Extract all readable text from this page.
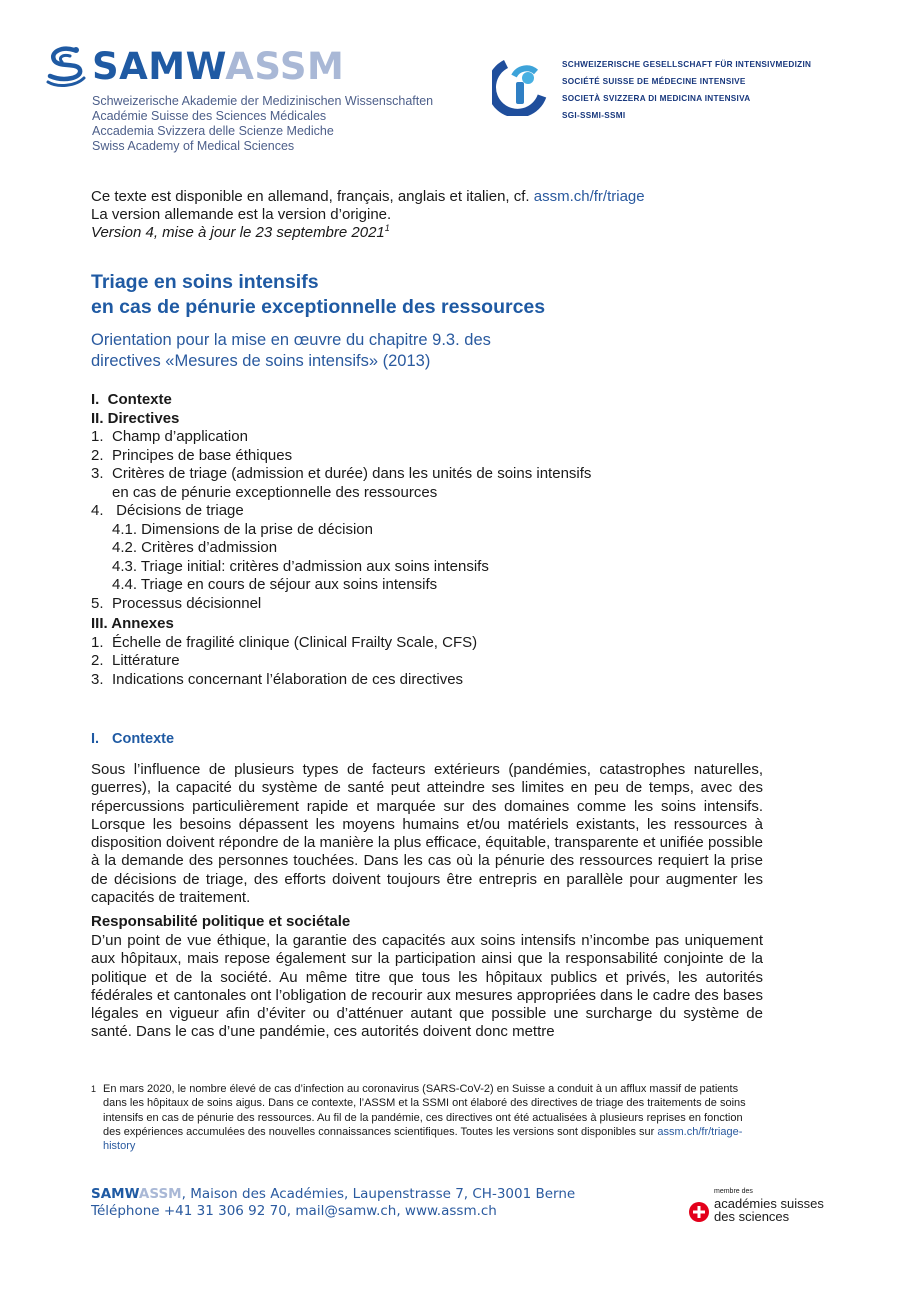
SAMWASSM
Schweizerische Akademie der Medizinischen Wissenschaften
Académie Suisse des Sciences Médicales
Accademia Svizzera delle Scienze Mediche
Swiss Academy of Medical Sciences
SCHWEIZERISCHE GESELLSCHAFT FÜR INTENSIVMEDIZIN
SOCIÉTÉ SUISSE DE MÉDECINE INTENSIVE
SOCIETÀ SVIZZERA DI MEDICINA INTENSIVA
SGI-SSMI-SSMI
Ce texte est disponible en allemand, français, anglais et italien, cf. assm.ch/fr/triage
La version allemande est la version d’origine.
Version 4, mise à jour le 23 septembre 2021$^1$
Triage en soins intensifs
en cas de pénurie exceptionnelle des ressources
Orientation pour la mise en œuvre du chapitre 9.3. des
directives «Mesures de soins intensifs» (2013)
I.  Contexte
II. Directives
1. Champ d’application
2. Principes de base éthiques
3. Critères de triage (admission et durée) dans les unités de soins intensifs
en cas de pénurie exceptionnelle des ressources
4. Décisions de triage
4.1. Dimensions de la prise de décision
4.2. Critères d’admission
4.3. Triage initial: critères d’admission aux soins intensifs
4.4. Triage en cours de séjour aux soins intensifs
5. Processus décisionnel
III. Annexes
1. Échelle de fragilité clinique (Clinical Frailty Scale, CFS)
2. Littérature
3. Indications concernant l’élaboration de ces directives
I. Contexte
Sous l’influence de plusieurs types de facteurs extérieurs (pandémies, catastrophes naturelles, guerres), la capacité du système de santé peut atteindre ses limites en peu de temps, avec des répercussions particulièrement rapide et marquée sur des domaines comme les soins intensifs. Lorsque les besoins dépassent les moyens humains et/ou matériels existants, les ressources à disposition doivent répondre de la manière la plus efficace, équitable, transparente et unifiée possible à la demande des personnes touchées. Dans les cas où la pénurie des ressources requiert la prise de décisions de triage, des efforts doivent toujours être entrepris en parallèle pour augmenter les capacités de traitement.
Responsabilité politique et sociétale
D’un point de vue éthique, la garantie des capacités aux soins intensifs n’incombe pas uniquement aux hôpitaux, mais repose également sur la participation ainsi que la responsabilité conjointe de la politique et de la société. Au même titre que tous les hôpitaux publics et privés, les autorités fédérales et cantonales ont l’obligation de recourir aux mesures appropriées dans le cadre des bases légales en vigueur afin d’éviter ou d’atténuer autant que possible une surcharge du système de santé. Dans le cas d’une pandémie, ces autorités doivent donc mettre
1 En mars 2020, le nombre élevé de cas d’infection au coronavirus (SARS-CoV-2) en Suisse a conduit à un afflux massif de patients dans les hôpitaux de soins aigus. Dans ce contexte, l’ASSM et la SSMI ont élaboré des directives de triage des traitements de soins intensifs en cas de pénurie des ressources. Au fil de la pandémie, ces directives ont été actualisées à plusieurs reprises en fonction des expériences accumulées des nouvelles connaissances scientifiques. Toutes les versions sont disponibles sur assm.ch/fr/triage-history
SAMWASSM, Maison des Académies, Laupenstrasse 7, CH-3001 Berne
Téléphone +41 31 306 92 70, mail@samw.ch, www.assm.ch
membre des
académies suisses
des sciences
